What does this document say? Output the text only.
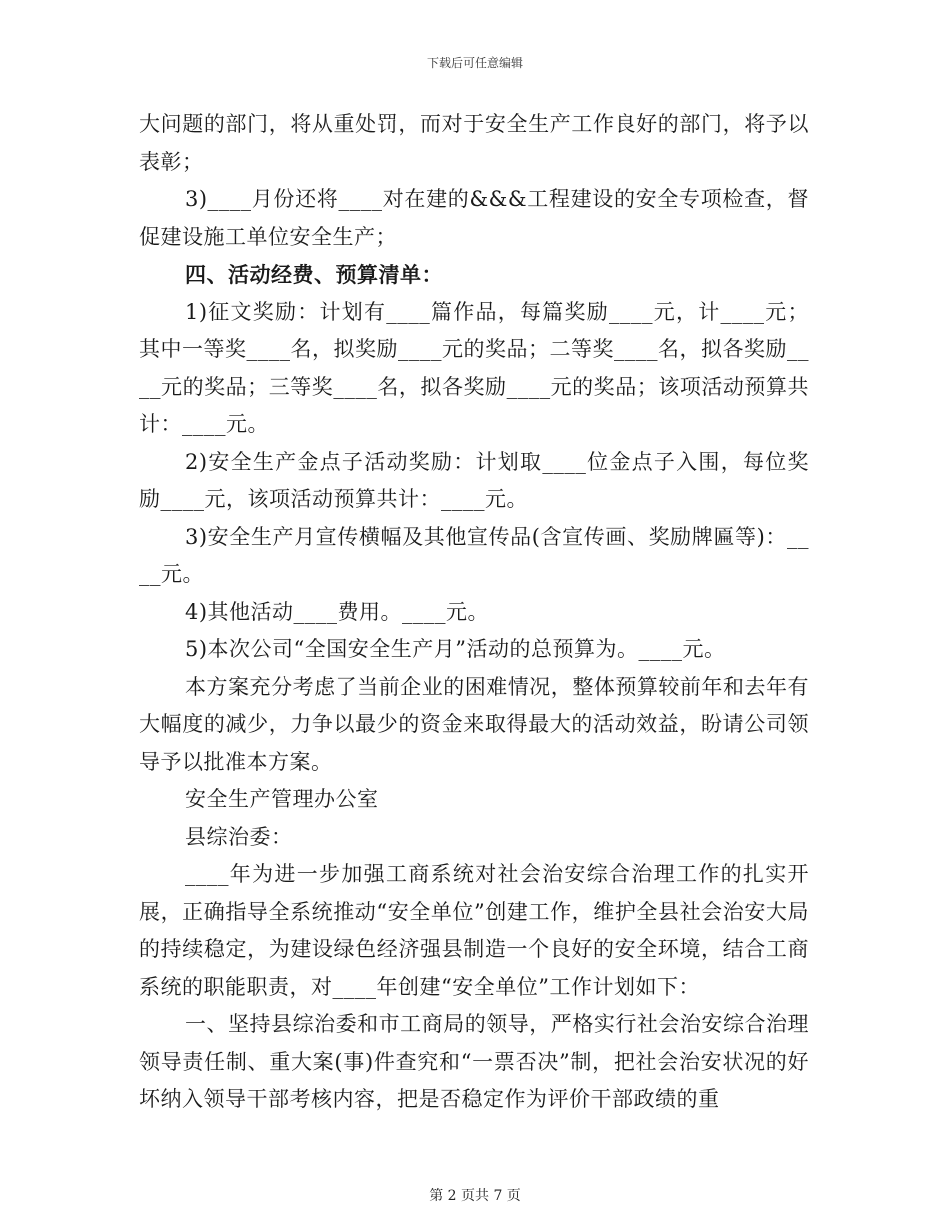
下载后可任意编辑

大问题的部门，将从重处罚，而对于安全生产工作良好的部门，将予以表彰；

3)____月份还将____对在建的&&&工程建设的安全专项检查，督促建设施工单位安全生产；

四、活动经费、预算清单：

1)征文奖励：计划有____篇作品，每篇奖励____元，计____元；其中一等奖____名，拟奖励____元的奖品；二等奖____名，拟各奖励____元的奖品；三等奖____名，拟各奖励____元的奖品；该项活动预算共计：____元。

2)安全生产金点子活动奖励：计划取____位金点子入围，每位奖励____元，该项活动预算共计：____元。

3)安全生产月宣传横幅及其他宣传品(含宣传画、奖励牌匾等)：____元。

4)其他活动____费用。____元。

5)本次公司“全国安全生产月”活动的总预算为。____元。

本方案充分考虑了当前企业的困难情况，整体预算较前年和去年有大幅度的减少，力争以最少的资金来取得最大的活动效益，盼请公司领导予以批准本方案。

安全生产管理办公室

县综治委：

____年为进一步加强工商系统对社会治安综合治理工作的扎实开展，正确指导全系统推动“安全单位”创建工作，维护全县社会治安大局的持续稳定，为建设绿色经济强县制造一个良好的安全环境，结合工商系统的职能职责，对____年创建“安全单位”工作计划如下：

一、坚持县综治委和市工商局的领导，严格实行社会治安综合治理领导责任制、重大案(事)件查究和“一票否决”制，把社会治安状况的好坏纳入领导干部考核内容，把是否稳定作为评价干部政绩的重

第 2 页共 7 页
